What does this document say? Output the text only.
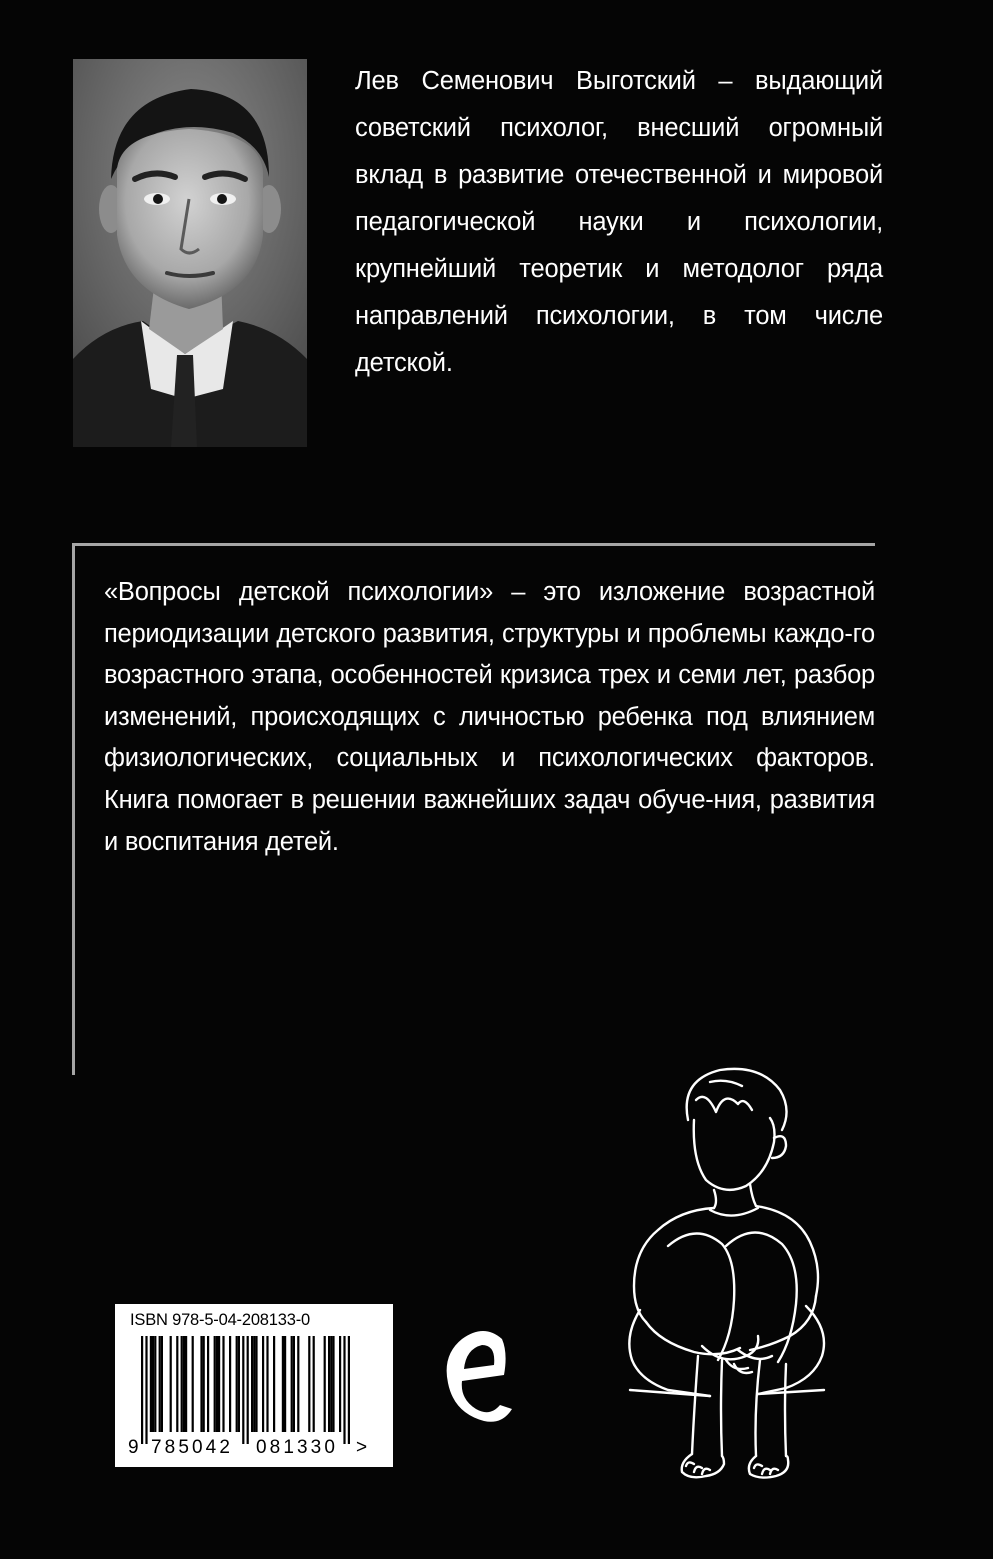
Лев Семенович Выготский – выдающий советский психолог, внесший огромный вклад в развитие отечественной и мировой педагогической науки и психологии, крупнейший теоретик и методолог ряда направлений психологии, в том числе детской.

«Вопросы детской психологии» – это изложение возрастной периодизации детского развития, структуры и проблемы каждо-го возрастного этапа, особенностей кризиса трех и семи лет, разбор изменений, происходящих с личностью ребенка под влиянием физиологических, социальных и психологических факторов. Книга помогает в решении важнейших задач обуче-ния, развития и воспитания детей.

ISBN 978-5-04-208133-0
9 785042 081330 >
